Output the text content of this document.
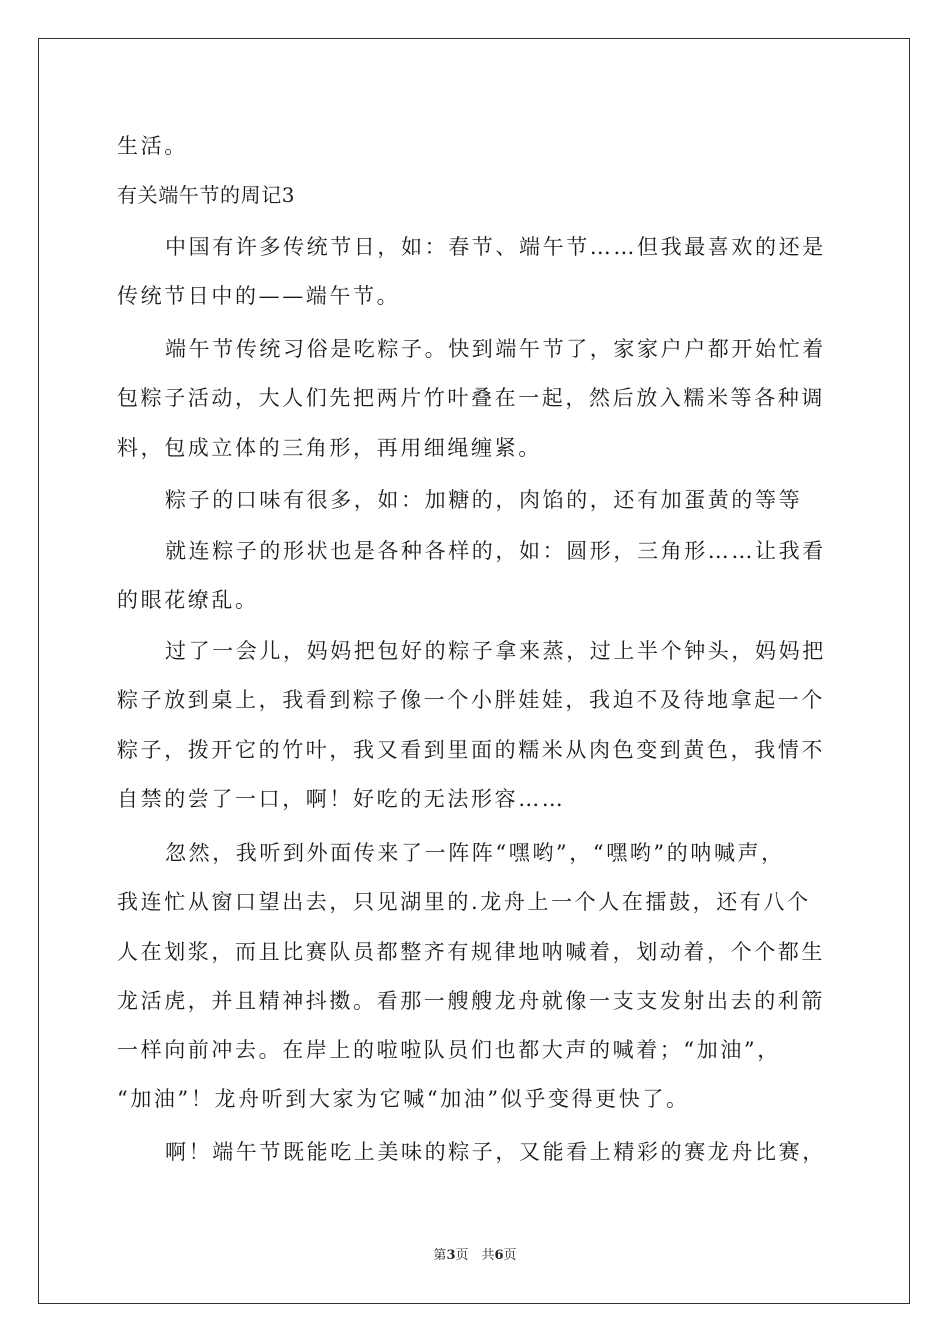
生活。
有关端午节的周记3
中国有许多传统节日，如：春节、端午节……但我最喜欢的还是
传统节日中的——端午节。
端午节传统习俗是吃粽子。快到端午节了，家家户户都开始忙着
包粽子活动，大人们先把两片竹叶叠在一起，然后放入糯米等各种调
料，包成立体的三角形，再用细绳缠紧。
粽子的口味有很多，如：加糖的，肉馅的，还有加蛋黄的等等
就连粽子的形状也是各种各样的，如：圆形，三角形……让我看
的眼花缭乱。
过了一会儿，妈妈把包好的粽子拿来蒸，过上半个钟头，妈妈把
粽子放到桌上，我看到粽子像一个小胖娃娃，我迫不及待地拿起一个
粽子，拨开它的竹叶，我又看到里面的糯米从肉色变到黄色，我情不
自禁的尝了一口，啊！好吃的无法形容……
忽然，我听到外面传来了一阵阵“嘿哟”，“嘿哟”的呐喊声，
我连忙从窗口望出去，只见湖里的.龙舟上一个人在擂鼓，还有八个
人在划浆，而且比赛队员都整齐有规律地呐喊着，划动着，个个都生
龙活虎，并且精神抖擞。看那一艘艘龙舟就像一支支发射出去的利箭
一样向前冲去。在岸上的啦啦队员们也都大声的喊着；“加油”，
“加油”！龙舟听到大家为它喊“加油”似乎变得更快了。
啊！端午节既能吃上美味的粽子，又能看上精彩的赛龙舟比赛，
第3页　共6页
